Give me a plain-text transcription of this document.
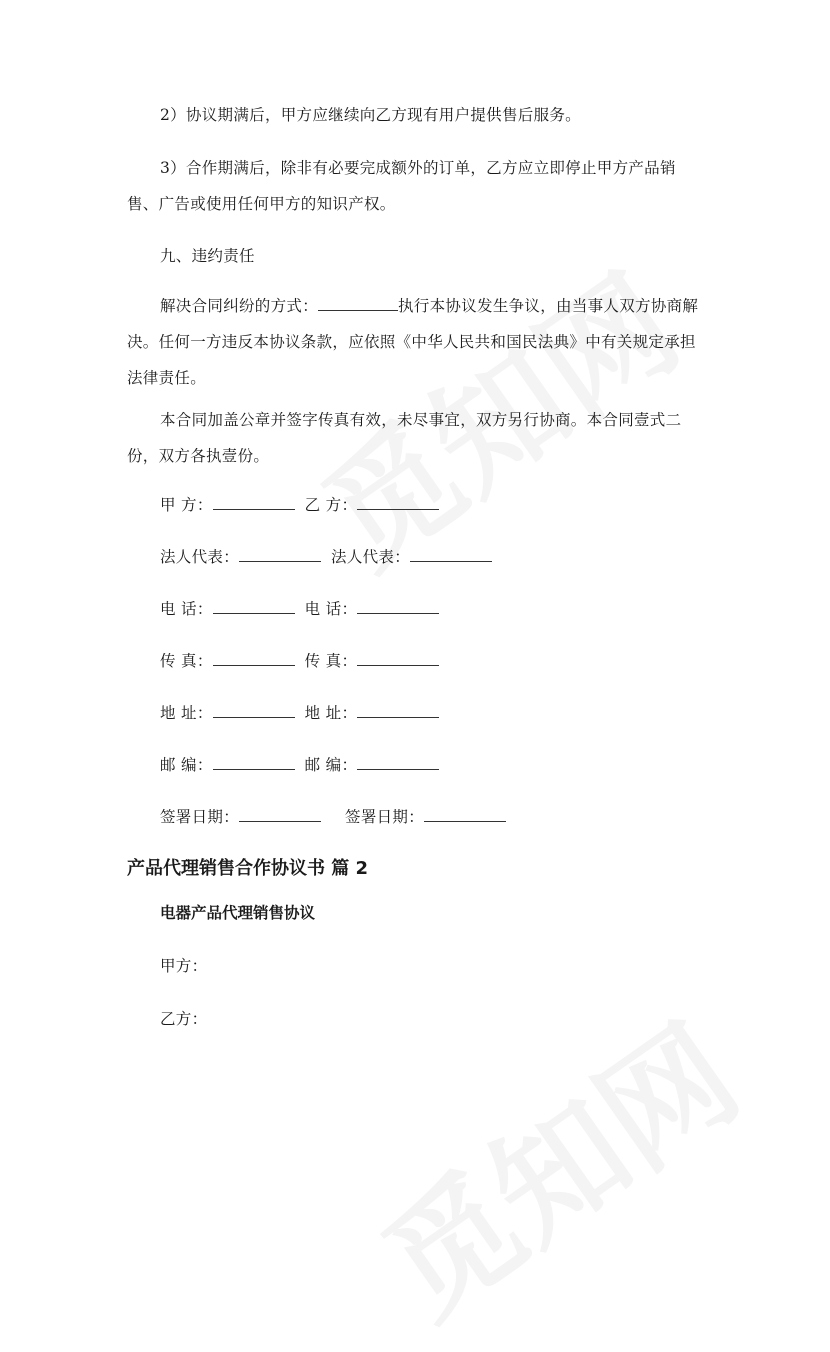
2）协议期满后，甲方应继续向乙方现有用户提供售后服务。

3）合作期满后，除非有必要完成额外的订单，乙方应立即停止甲方产品销售、广告或使用任何甲方的知识产权。

九、违约责任

解决合同纠纷的方式：	执行本协议发生争议，由当事人双方协商解决。任何一方违反本协议条款，应依照《中华人民共和国民法典》中有关规定承担法律责任。

本合同加盖公章并签字传真有效，未尽事宜，双方另行协商。本合同壹式二份，双方各执壹份。

甲 方：	乙 方：

法人代表：	法人代表：

电 话：	电 话：

传 真：	传 真：

地 址：	地 址：

邮 编：	邮 编：

签署日期：	签署日期：

产品代理销售合作协议书 篇 2
电器产品代理销售协议

甲方：

乙方：
